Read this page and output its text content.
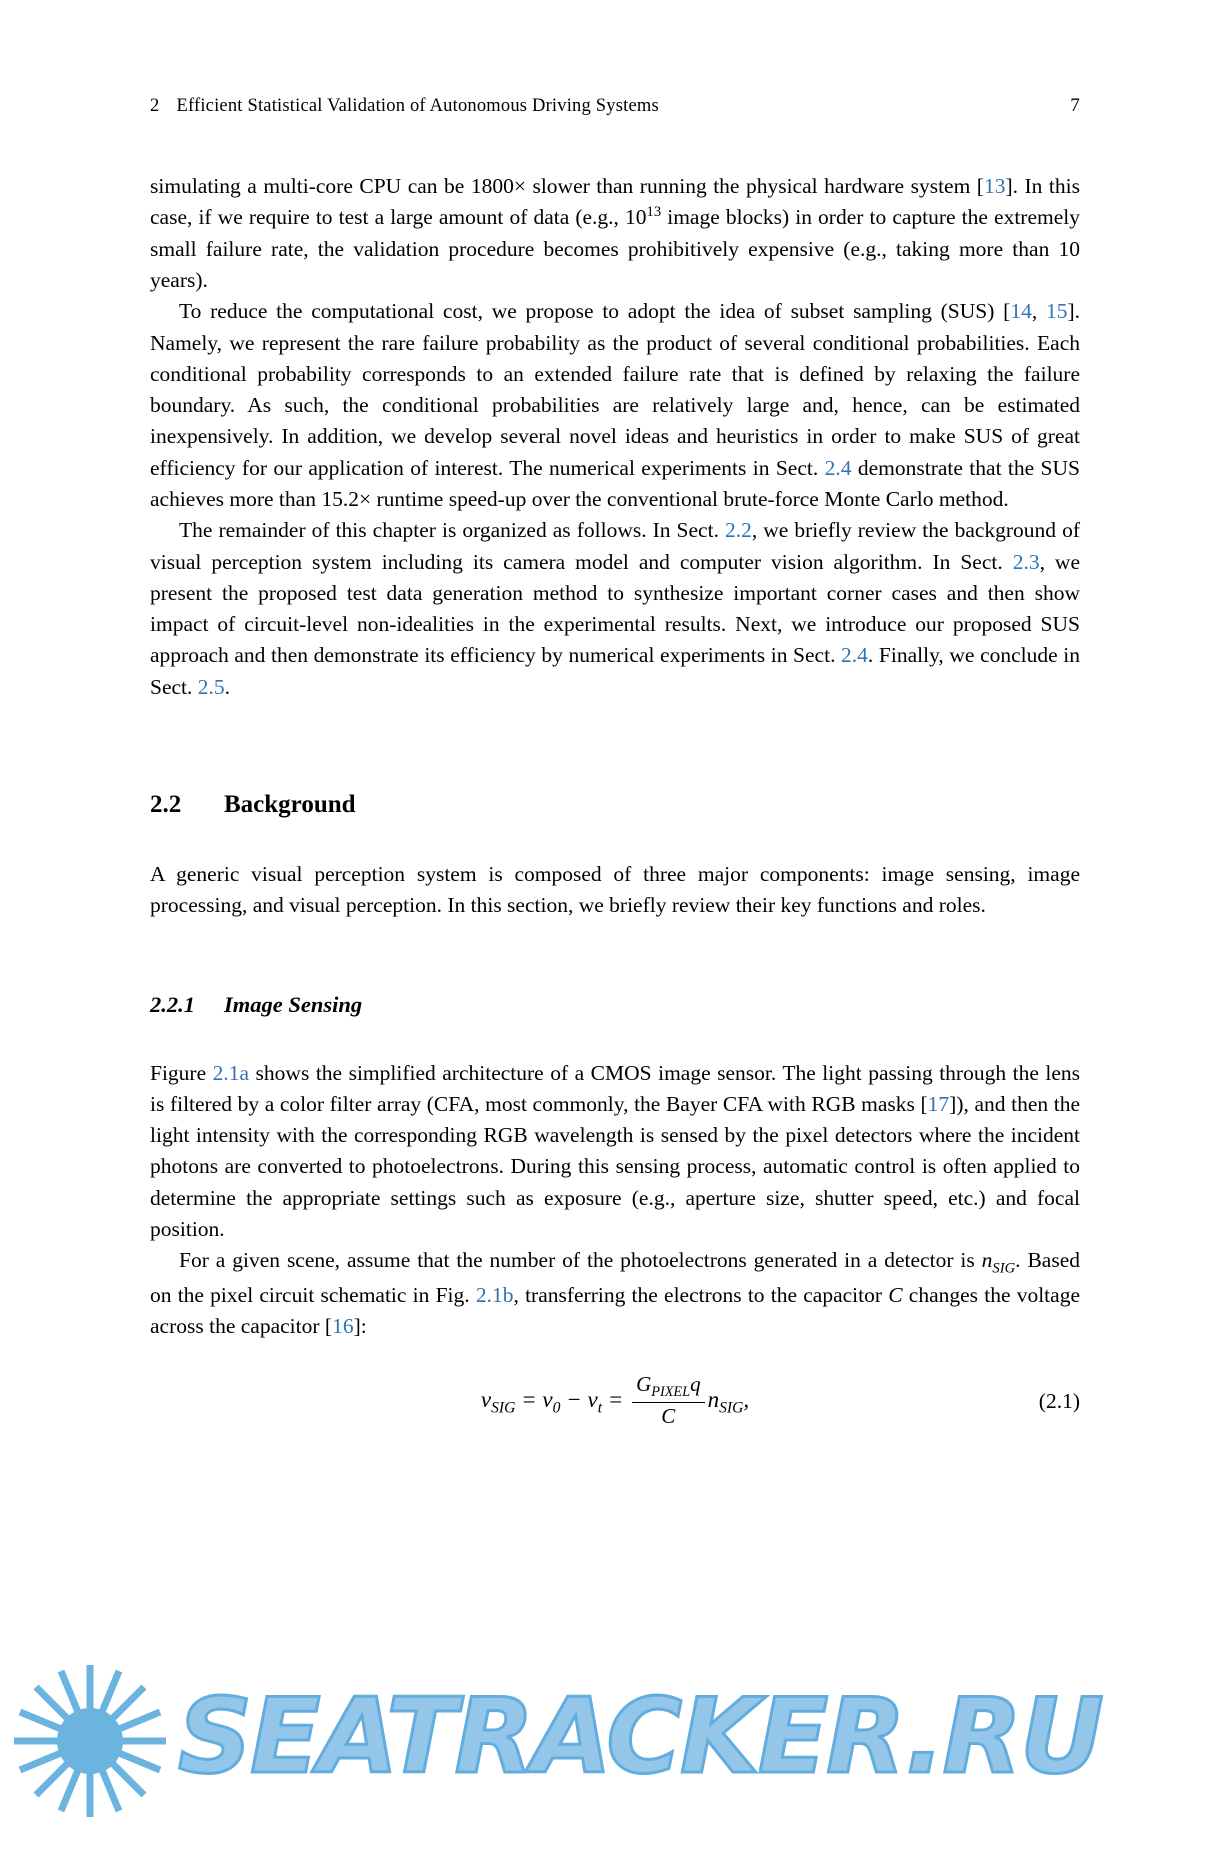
2 Efficient Statistical Validation of Autonomous Driving Systems	7

simulating a multi-core CPU can be 1800× slower than running the physical hardware system [13]. In this case, if we require to test a large amount of data (e.g., $10^{13}$ image blocks) in order to capture the extremely small failure rate, the validation procedure becomes prohibitively expensive (e.g., taking more than 10 years).

To reduce the computational cost, we propose to adopt the idea of subset sampling (SUS) [14, 15]. Namely, we represent the rare failure probability as the product of several conditional probabilities. Each conditional probability corresponds to an extended failure rate that is defined by relaxing the failure boundary. As such, the conditional probabilities are relatively large and, hence, can be estimated inexpensively. In addition, we develop several novel ideas and heuristics in order to make SUS of great efficiency for our application of interest. The numerical experiments in Sect. 2.4 demonstrate that the SUS achieves more than 15.2× runtime speed-up over the conventional brute-force Monte Carlo method.

The remainder of this chapter is organized as follows. In Sect. 2.2, we briefly review the background of visual perception system including its camera model and computer vision algorithm. In Sect. 2.3, we present the proposed test data generation method to synthesize important corner cases and then show impact of circuit-level non-idealities in the experimental results. Next, we introduce our proposed SUS approach and then demonstrate its efficiency by numerical experiments in Sect. 2.4. Finally, we conclude in Sect. 2.5.

2.2	Background

A generic visual perception system is composed of three major components: image sensing, image processing, and visual perception. In this section, we briefly review their key functions and roles.

2.2.1	Image Sensing

Figure 2.1a shows the simplified architecture of a CMOS image sensor. The light passing through the lens is filtered by a color filter array (CFA, most commonly, the Bayer CFA with RGB masks [17]), and then the light intensity with the corresponding RGB wavelength is sensed by the pixel detectors where the incident photons are converted to photoelectrons. During this sensing process, automatic control is often applied to determine the appropriate settings such as exposure (e.g., aperture size, shutter speed, etc.) and focal position.

For a given scene, assume that the number of the photoelectrons generated in a detector is $n_{SIG}$. Based on the pixel circuit schematic in Fig. 2.1b, transferring the electrons to the capacitor C changes the voltage across the capacitor [16]:

$v_{SIG} = v_0 - v_t = \frac{G_{PIXEL}q}{C} n_{SIG}$,	(2.1)
SEATRACKER.RU
